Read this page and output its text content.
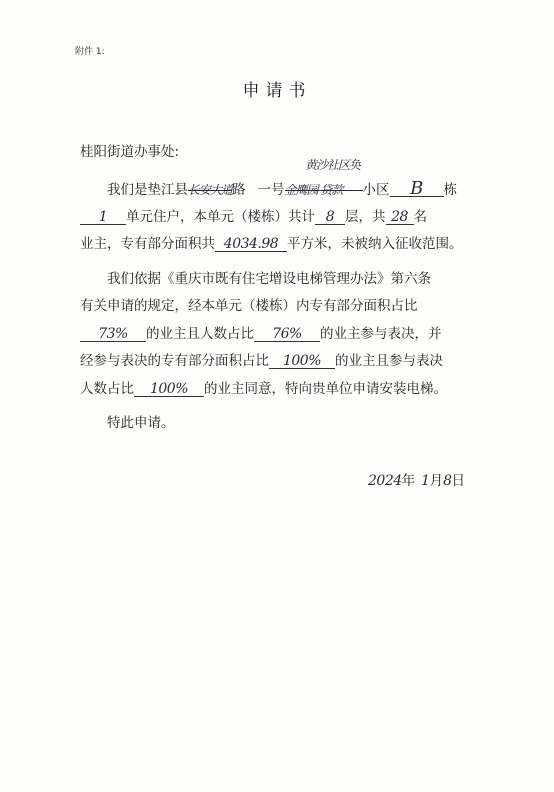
附件 1:
申请书
桂阳街道办事处:
黄沙社区奂
我们是垫江县长安大道路 一号金鹰园 贷款 小区 B 栋
1 单元住户，本单元（楼栋）共计 8 层，共 28 名
业主，专有部分面积共 4034.98 平方米，未被纳入征收范围。
我们依据《重庆市既有住宅增设电梯管理办法》第六条
有关申请的规定，经本单元（楼栋）内专有部分面积占比
73% 的业主且人数占比 76% 的业主参与表决，并
经参与表决的专有部分面积占比 100% 的业主且参与表决
人数占比 100% 的业主同意，特向贵单位申请安装电梯。
特此申请。
2024年 1月8日
